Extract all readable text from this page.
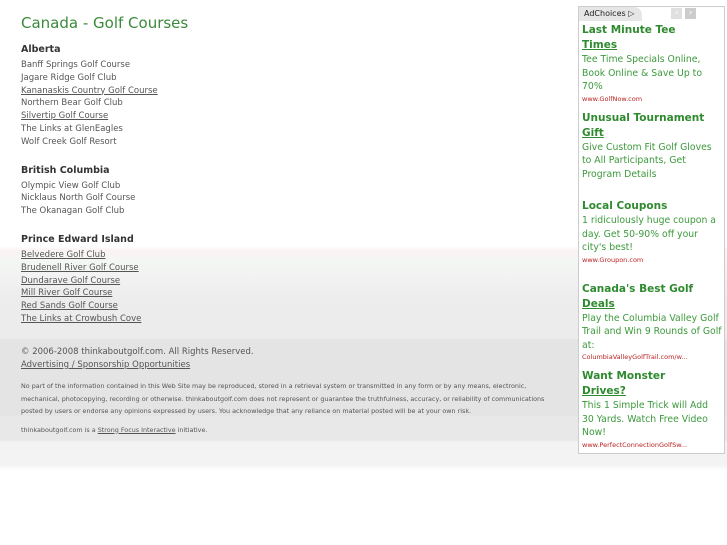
Canada - Golf Courses
Alberta
Banff Springs Golf Course
Jagare Ridge Golf Club
Kananaskis Country Golf Course
Northern Bear Golf Club
Silvertip Golf Course
The Links at GlenEagles
Wolf Creek Golf Resort
British Columbia
Olympic View Golf Club
Nicklaus North Golf Course
The Okanagan Golf Club
Prince Edward Island
Belvedere Golf Club
Brudenell River Golf Course
Dundarave Golf Course
Mill River Golf Course
Red Sands Golf Course
The Links at Crowbush Cove
© 2006-2008 thinkaboutgolf.com. All Rights Reserved.
Advertising / Sponsorship Opportunities
No part of the information contained in this Web Site may be reproduced, stored in a retrieval system or transmitted in any form or by any means, electronic,
mechanical, photocopying, recording or otherwise. thinkaboutgolf.com does not represent or guarantee the truthfulness, accuracy, or reliability of communications
posted by users or endorse any opinions expressed by users. You acknowledge that any reliance on material posted will be at your own risk.
thinkaboutgolf.com is a Strong Focus Interactive initiative.
AdChoices ▷	‹	›
Last Minute Tee
Times
Tee Time Specials Online, Book Online & Save Up to 70%
www.GolfNow.com
Unusual Tournament
Gift
Give Custom Fit Golf Gloves to All Participants, Get Program Details
Local Coupons
1 ridiculously huge coupon a day. Get 50-90% off your city's best!
www.Groupon.com
Canada's Best Golf
Deals
Play the Columbia Valley Golf Trail and Win 9 Rounds of Golf at:
ColumbiaValleyGolfTrail.com/w...
Want Monster
Drives?
This 1 Simple Trick will Add 30 Yards. Watch Free Video Now!
www.PerfectConnectionGolfSw...
